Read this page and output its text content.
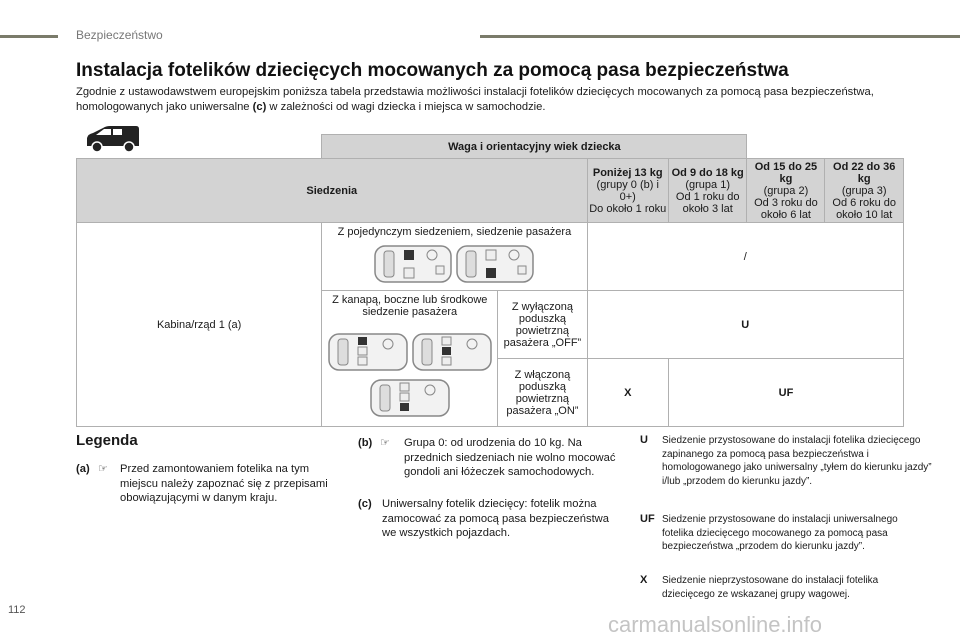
Bezpieczeństwo
Instalacja fotelików dziecięcych mocowanych za pomocą pasa bezpieczeństwa
Zgodnie z ustawodawstwem europejskim poniższa tabela przedstawia możliwości instalacji fotelików dziecięcych mocowanych za pomocą pasa bezpieczeństwa, homologowanych jako uniwersalne (c) w zależności od wagi dziecka i miejsca w samochodzie.
	Waga i orientacyjny wiek dziecka					
Siedzenia			Poniżej 13 kg
(grupy 0 (b) i 0+)
Do około 1 roku	Od 9 do 18 kg
(grupa 1)
Od 1 roku do około 3 lat	Od 15 do 25 kg
(grupa 2)
Od 3 roku do około 6 lat	Od 22 do 36 kg
(grupa 3)
Od 6 roku do około 10 lat
Kabina/rząd 1 (a)	Z pojedynczym siedzeniem, siedzenie pasażera		/			

	Z kanapą, boczne lub środkowe siedzenie pasażera	Z wyłączoną poduszką powietrzną pasażera „OFF”	U			
		Z włączoną poduszką powietrzną pasażera „ON”	X	UF		
Legenda
(a) ☞ Przed zamontowaniem fotelika na tym miejscu należy zapoznać się z przepisami obowiązującymi w danym kraju.
(b) ☞ Grupa 0: od urodzenia do 10 kg. Na przednich siedzeniach nie wolno mocować gondoli ani łóżeczek samochodowych.
(c) Uniwersalny fotelik dziecięcy: fotelik można zamocować za pomocą pasa bezpieczeństwa we wszystkich pojazdach.
U Siedzenie przystosowane do instalacji fotelika dziecięcego zapinanego za pomocą pasa bezpieczeństwa i homologowanego jako uniwersalny „tyłem do kierunku jazdy” i/lub „przodem do kierunku jazdy”.
UF Siedzenie przystosowane do instalacji uniwersalnego fotelika dziecięcego mocowanego za pomocą pasa bezpieczeństwa „przodem do kierunku jazdy”.
X Siedzenie nieprzystosowane do instalacji fotelika dziecięcego ze wskazanej grupy wagowej.
112
carmanualsonline.info
